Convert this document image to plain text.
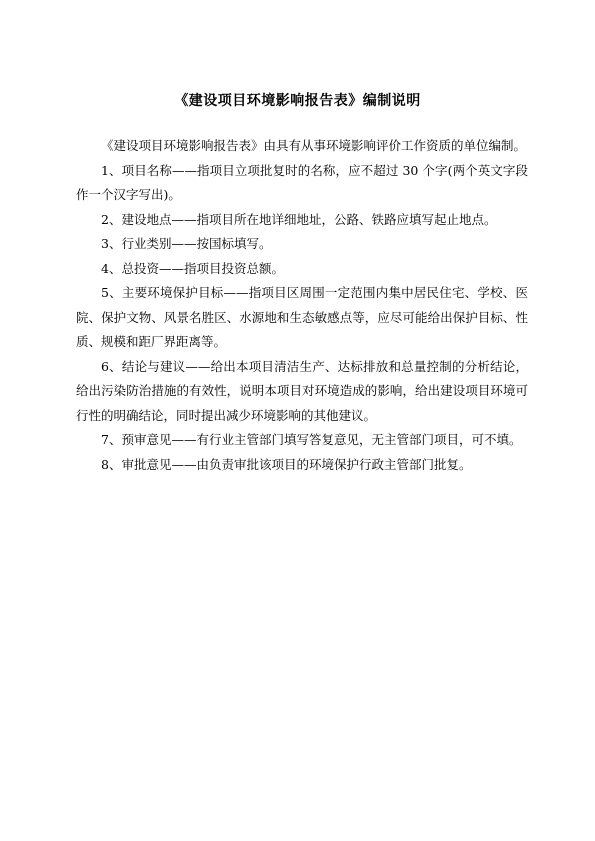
《建设项目环境影响报告表》编制说明

《建设项目环境影响报告表》由具有从事环境影响评价工作资质的单位编制。

1、项目名称——指项目立项批复时的名称，应不超过 30 个字(两个英文字段作一个汉字写出)。

2、建设地点——指项目所在地详细地址，公路、铁路应填写起止地点。

3、行业类别——按国标填写。

4、总投资——指项目投资总额。

5、主要环境保护目标——指项目区周围一定范围内集中居民住宅、学校、医院、保护文物、风景名胜区、水源地和生态敏感点等，应尽可能给出保护目标、性质、规模和距厂界距离等。

6、结论与建议——给出本项目清洁生产、达标排放和总量控制的分析结论，给出污染防治措施的有效性，说明本项目对环境造成的影响，给出建设项目环境可行性的明确结论，同时提出减少环境影响的其他建议。

7、预审意见——有行业主管部门填写答复意见，无主管部门项目，可不填。

8、审批意见——由负责审批该项目的环境保护行政主管部门批复。
